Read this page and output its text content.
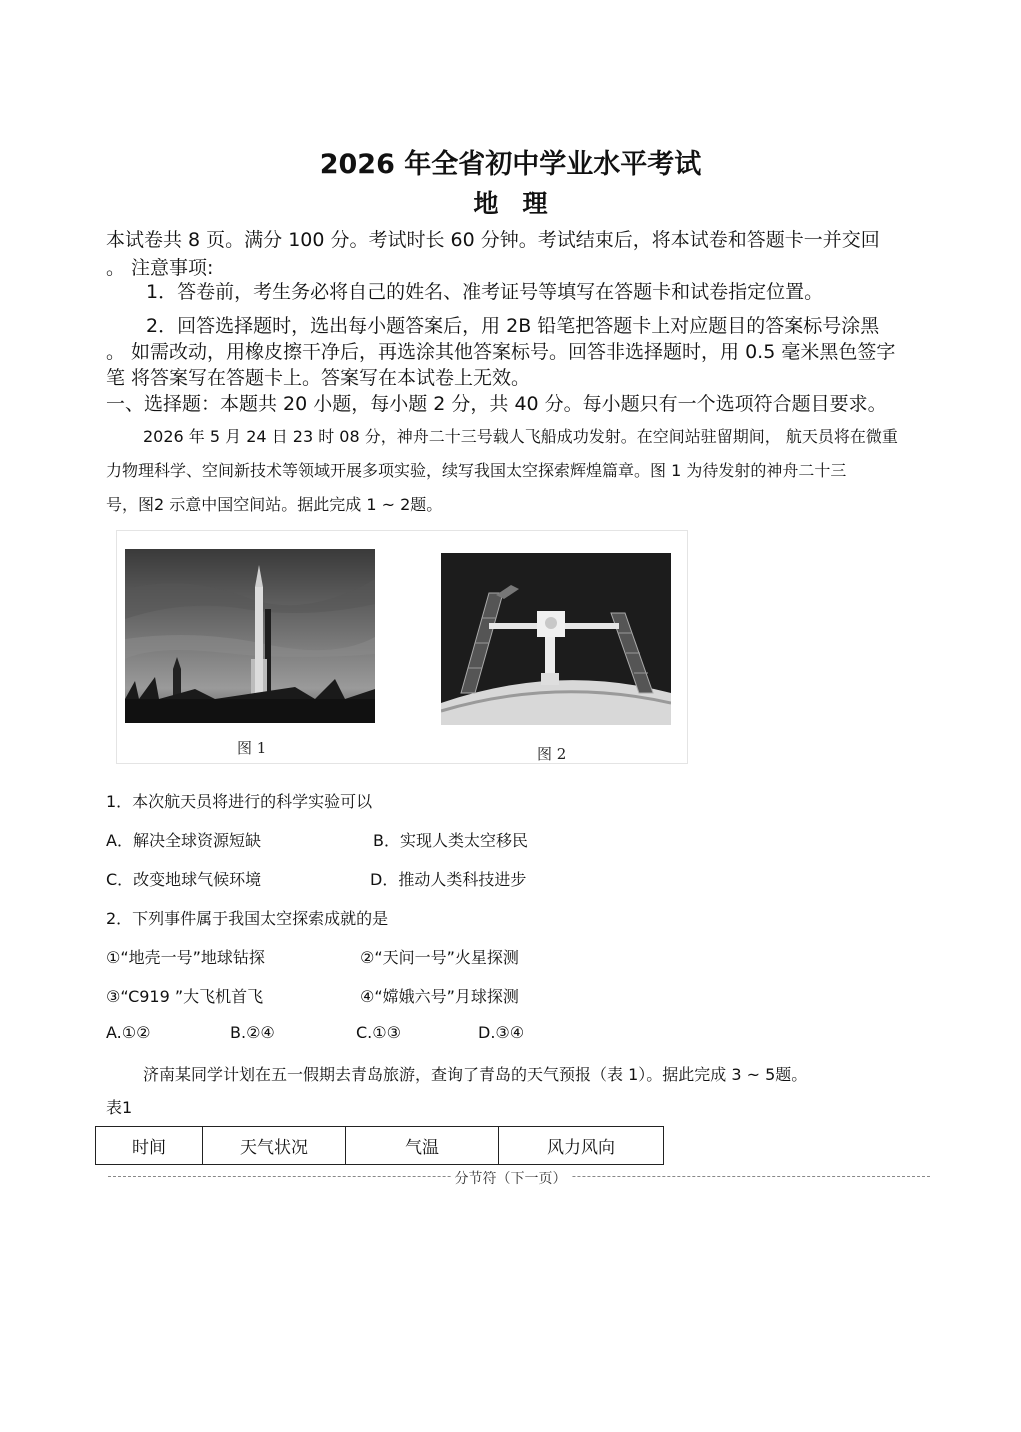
2026 年全省初中学业水平考试
地理
本试卷共 8 页。满分 100 分。考试时长 60 分钟。考试结束后，将本试卷和答题卡一并交回
。 注意事项:
1．答卷前，考生务必将自己的姓名、准考证号等填写在答题卡和试卷指定位置。
2．回答选择题时，选出每小题答案后，用 2B 铅笔把答题卡上对应题目的答案标号涂黑
。 如需改动，用橡皮擦干净后，再选涂其他答案标号。回答非选择题时，用 0.5 毫米黑色签字
笔 将答案写在答题卡上。答案写在本试卷上无效。
一、选择题：本题共 20 小题，每小题 2 分，共 40 分。每小题只有一个选项符合题目要求。
2026 年 5 月 24 日 23 时 08 分，神舟二十三号载人飞船成功发射。在空间站驻留期间， 航天员将在微重
力物理科学、空间新技术等领域开展多项实验，续写我国太空探索辉煌篇章。图 1 为待发射的神舟二十三
号，图2 示意中国空间站。据此完成 1 ~ 2题。
图 1	图 2
1．本次航天员将进行的科学实验可以
A．解决全球资源短缺	B．实现人类太空移民
C．改变地球气候环境	D．推动人类科技进步
2．下列事件属于我国太空探索成就的是
①“地壳一号”地球钻探	②“天问一号”火星探测
③“C919 ”大飞机首飞	④“嫦娥六号”月球探测
A.①②	B.②④	C.①③	D.③④
济南某同学计划在五一假期去青岛旅游，查询了青岛的天气预报（表 1）。据此完成 3 ~ 5题。
表1
时间	天气状况	气温	风力风向
分节符（下一页）
